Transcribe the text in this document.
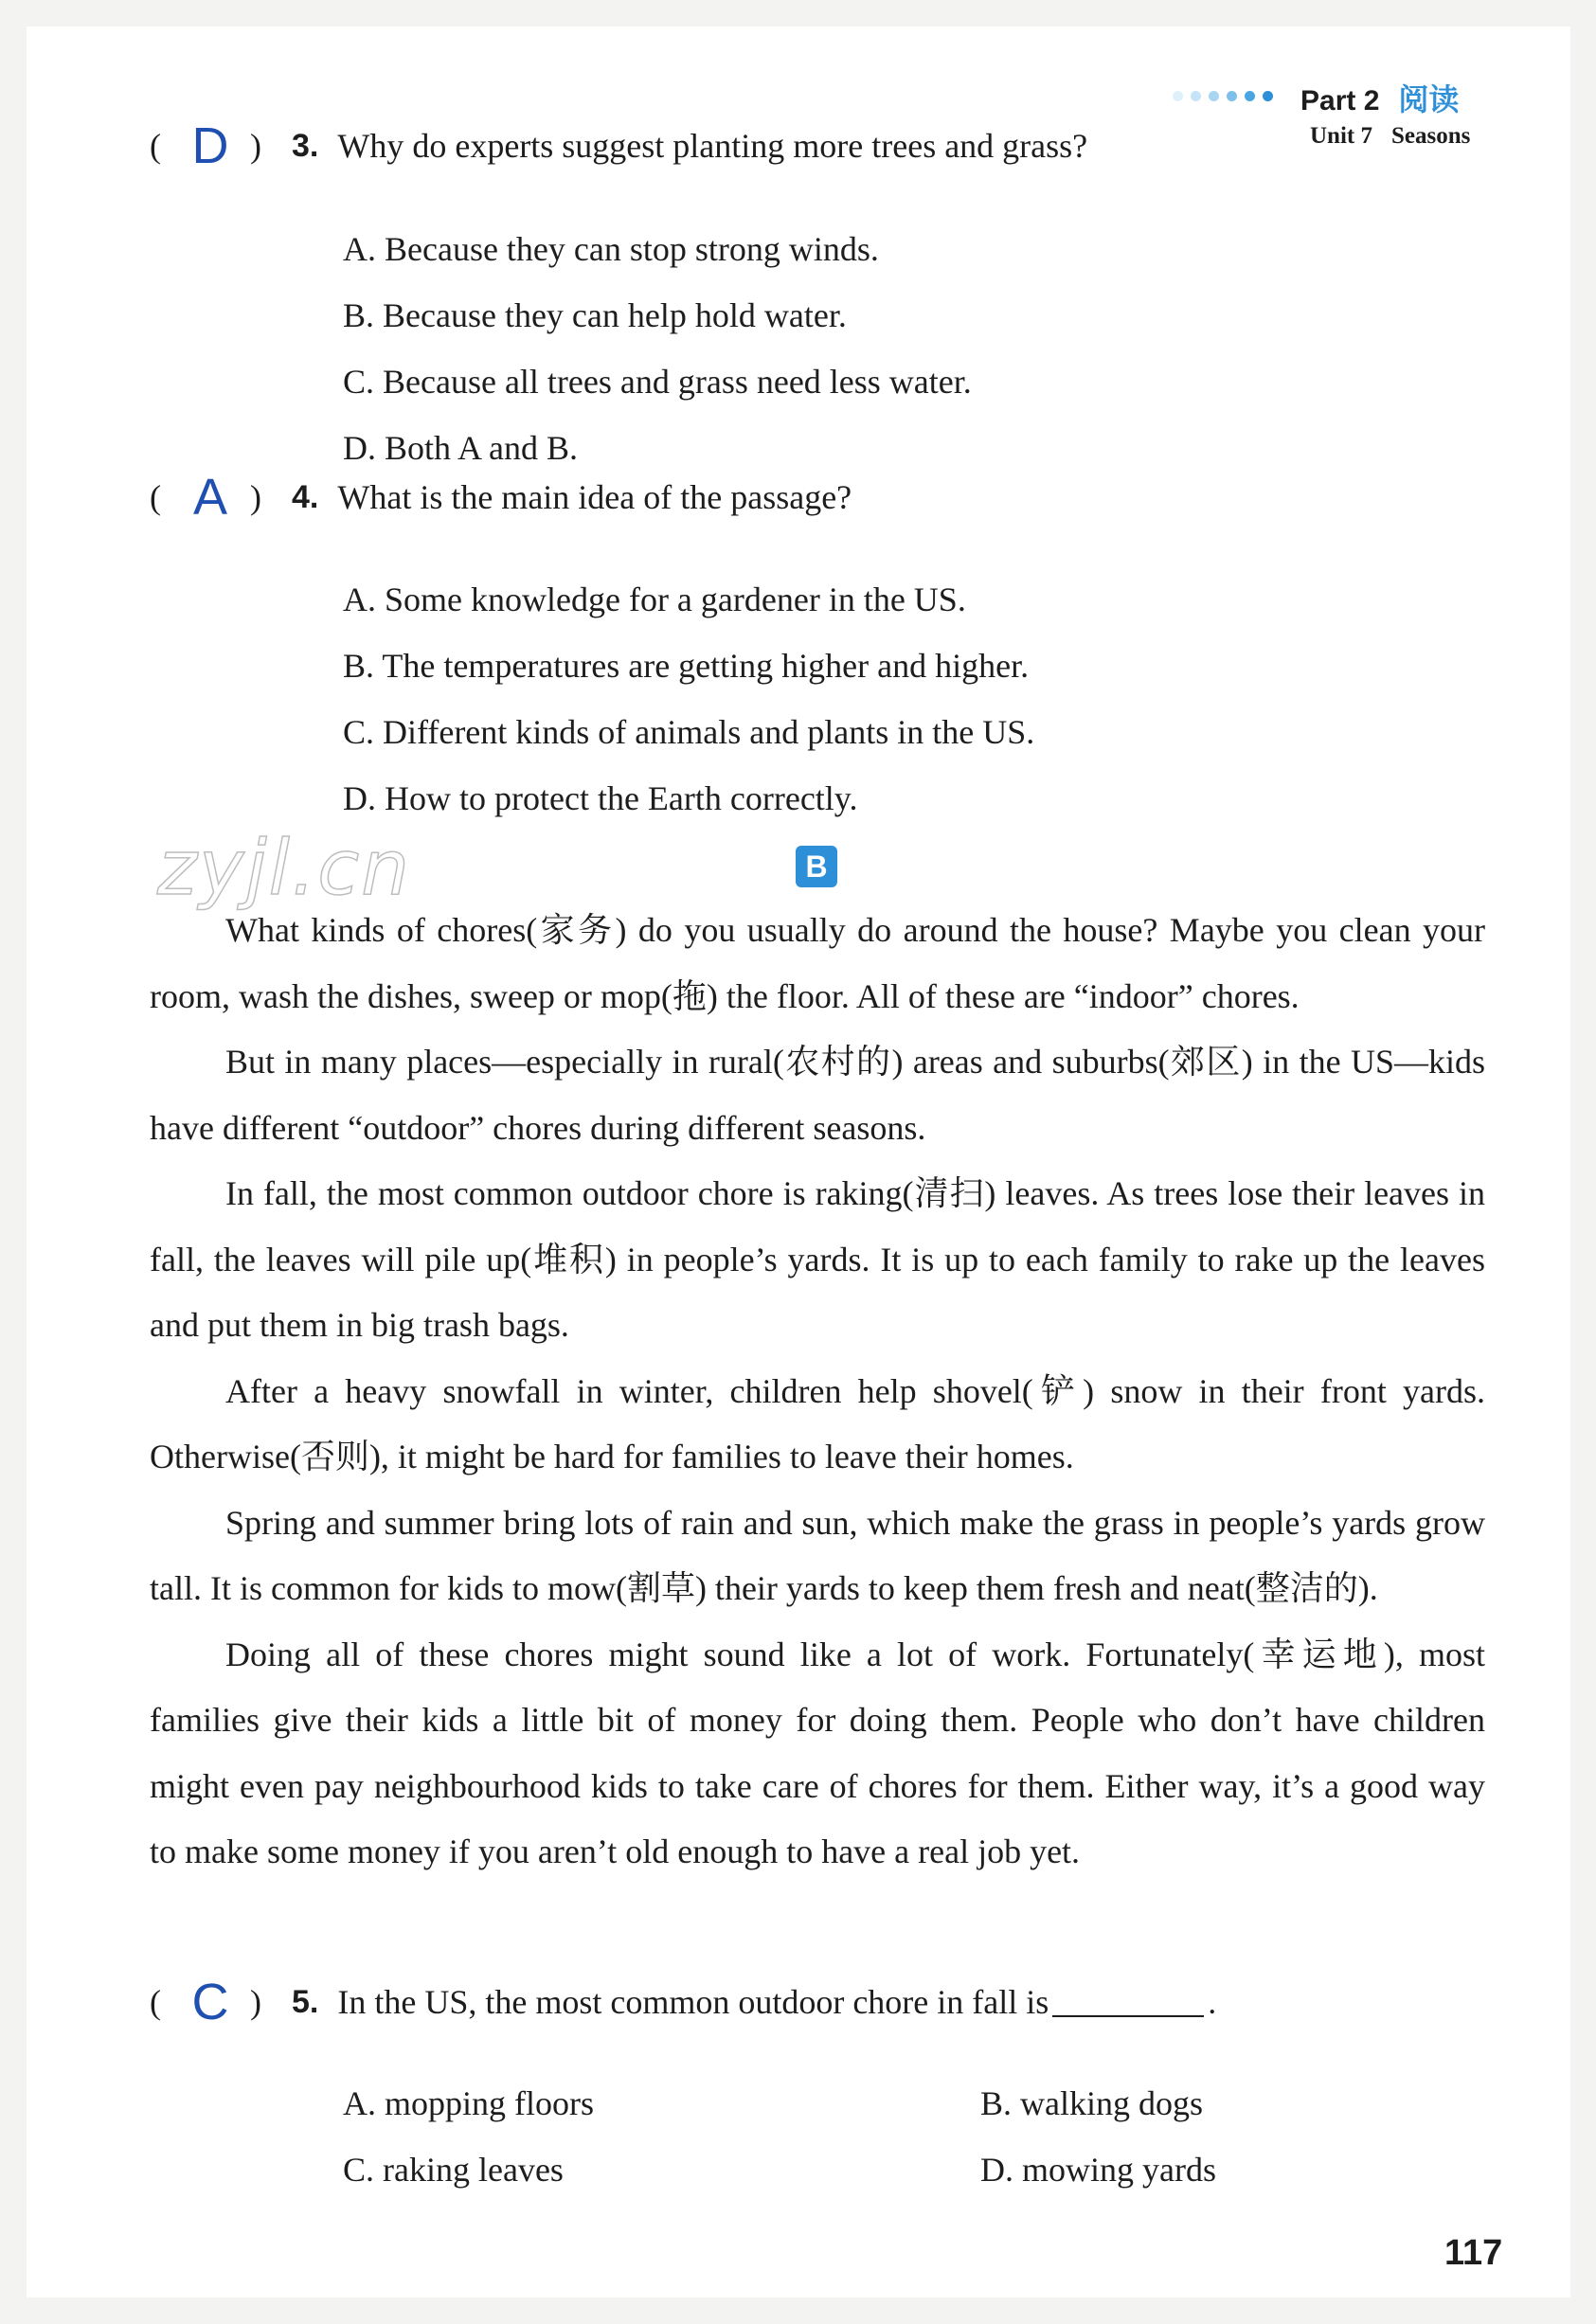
Part 2 阅读
Unit 7 Seasons
( D ) 3. Why do experts suggest planting more trees and grass?
A. Because they can stop strong winds.
B. Because they can help hold water.
C. Because all trees and grass need less water.
D. Both A and B.
( A ) 4. What is the main idea of the passage?
A. Some knowledge for a gardener in the US.
B. The temperatures are getting higher and higher.
C. Different kinds of animals and plants in the US.
D. How to protect the Earth correctly.
zyjl.cn	B

What kinds of chores(家务) do you usually do around the house? Maybe you clean your room, wash the dishes, sweep or mop(拖) the floor. All of these are “indoor” chores.

But in many places—especially in rural(农村的) areas and suburbs(郊区) in the US—kids have different “outdoor” chores during different seasons.

In fall, the most common outdoor chore is raking(清扫) leaves. As trees lose their leaves in fall, the leaves will pile up(堆积) in people’s yards. It is up to each family to rake up the leaves and put them in big trash bags.

After a heavy snowfall in winter, children help shovel(铲) snow in their front yards. Otherwise(否则), it might be hard for families to leave their homes.

Spring and summer bring lots of rain and sun, which make the grass in people’s yards grow tall. It is common for kids to mow(割草) their yards to keep them fresh and neat(整洁的).

Doing all of these chores might sound like a lot of work. Fortunately(幸运地), most families give their kids a little bit of money for doing them. People who don’t have children might even pay neighbourhood kids to take care of chores for them. Either way, it’s a good way to make some money if you aren’t old enough to have a real job yet.

( C ) 5. In the US, the most common outdoor chore in fall is	.
A. mopping floors	B. walking dogs
C. raking leaves	D. mowing yards
117
